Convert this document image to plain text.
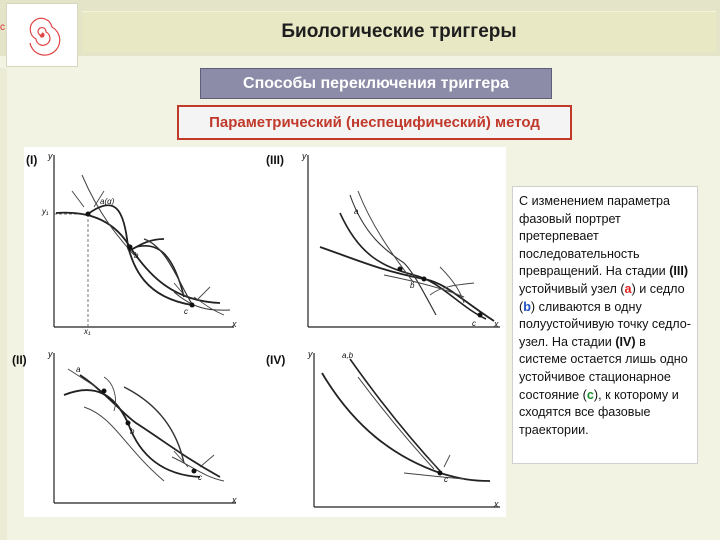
c	Биологические триггеры
Способы переключения триггера
Параметрический (неспецифический) метод
(I) y
y₁
a(α)
b
c
x
x₁
(III) y
a
b
c x
(II) y
a
b
c
x
(IV)	y	a,b
c
x
С изменением параметра фазовый портрет претерпевает последовательность превращений. На стадии (III) устойчивый узел (a) и седло (b) сливаются в одну полуустойчивую точку седло-узел. На стадии (IV) в системе остается лишь одно устойчивое стационарное состояние (c), к которому и сходятся все фазовые траектории.
